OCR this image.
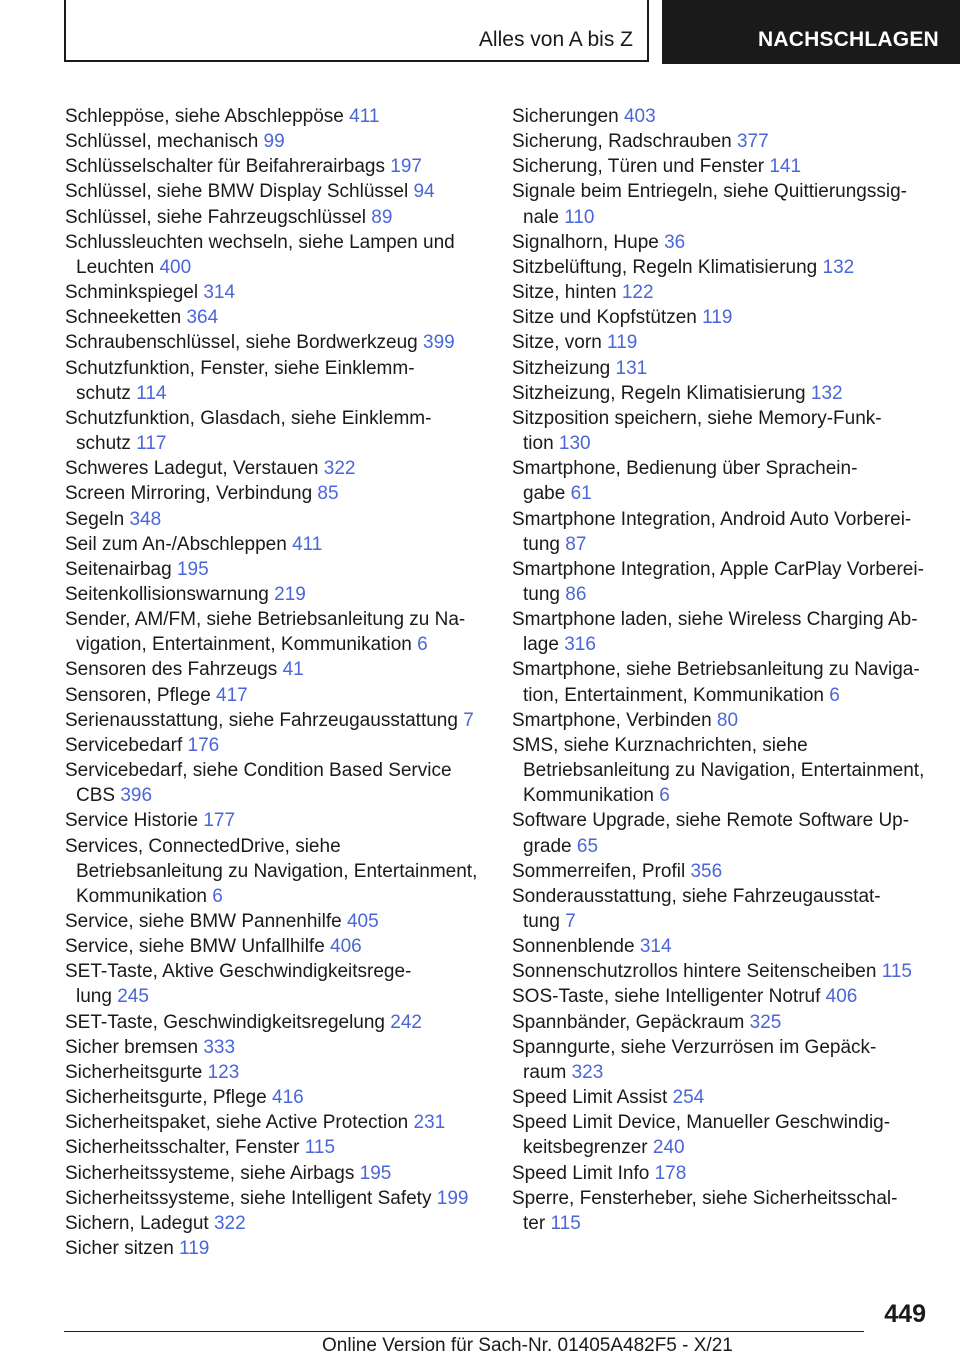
Alles von A bis Z	NACHSCHLAGEN
Schleppöse, siehe Abschleppöse 411
Schlüssel, mechanisch 99
Schlüsselschalter für Beifahrerairbags 197
Schlüssel, siehe BMW Display Schlüssel 94
Schlüssel, siehe Fahrzeugschlüssel 89
Schlussleuchten wechseln, siehe Lampen und
Leuchten 400
Schminkspiegel 314
Schneeketten 364
Schraubenschlüssel, siehe Bordwerkzeug 399
Schutzfunktion, Fenster, siehe Einklemm-
schutz 114
Schutzfunktion, Glasdach, siehe Einklemm-
schutz 117
Schweres Ladegut, Verstauen 322
Screen Mirroring, Verbindung 85
Segeln 348
Seil zum An-/Abschleppen 411
Seitenairbag 195
Seitenkollisionswarnung 219
Sender, AM/FM, siehe Betriebsanleitung zu Na-
vigation, Entertainment, Kommunikation 6
Sensoren des Fahrzeugs 41
Sensoren, Pflege 417
Serienausstattung, siehe Fahrzeugausstattung 7
Servicebedarf 176
Servicebedarf, siehe Condition Based Service
CBS 396
Service Historie 177
Services, ConnectedDrive, siehe
Betriebsanleitung zu Navigation, Entertainment,
Kommunikation 6
Service, siehe BMW Pannenhilfe 405
Service, siehe BMW Unfallhilfe 406
SET-Taste, Aktive Geschwindigkeitsrege-
lung 245
SET-Taste, Geschwindigkeitsregelung 242
Sicher bremsen 333
Sicherheitsgurte 123
Sicherheitsgurte, Pflege 416
Sicherheitspaket, siehe Active Protection 231
Sicherheitsschalter, Fenster 115
Sicherheitssysteme, siehe Airbags 195
Sicherheitssysteme, siehe Intelligent Safety 199
Sichern, Ladegut 322
Sicher sitzen 119
Sicherungen 403
Sicherung, Radschrauben 377
Sicherung, Türen und Fenster 141
Signale beim Entriegeln, siehe Quittierungssig-
nale 110
Signalhorn, Hupe 36
Sitzbelüftung, Regeln Klimatisierung 132
Sitze, hinten 122
Sitze und Kopfstützen 119
Sitze, vorn 119
Sitzheizung 131
Sitzheizung, Regeln Klimatisierung 132
Sitzposition speichern, siehe Memory-Funk-
tion 130
Smartphone, Bedienung über Sprachein-
gabe 61
Smartphone Integration, Android Auto Vorberei-
tung 87
Smartphone Integration, Apple CarPlay Vorberei-
tung 86
Smartphone laden, siehe Wireless Charging Ab-
lage 316
Smartphone, siehe Betriebsanleitung zu Naviga-
tion, Entertainment, Kommunikation 6
Smartphone, Verbinden 80
SMS, siehe Kurznachrichten, siehe
Betriebsanleitung zu Navigation, Entertainment,
Kommunikation 6
Software Upgrade, siehe Remote Software Up-
grade 65
Sommerreifen, Profil 356
Sonderausstattung, siehe Fahrzeugausstat-
tung 7
Sonnenblende 314
Sonnenschutzrollos hintere Seitenscheiben 115
SOS-Taste, siehe Intelligenter Notruf 406
Spannbänder, Gepäckraum 325
Spanngurte, siehe Verzurrösen im Gepäck-
raum 323
Speed Limit Assist 254
Speed Limit Device, Manueller Geschwindig-
keitsbegrenzer 240
Speed Limit Info 178
Sperre, Fensterheber, siehe Sicherheitsschal-
ter 115
449
Online Version für Sach-Nr. 01405A482F5 - X/21
